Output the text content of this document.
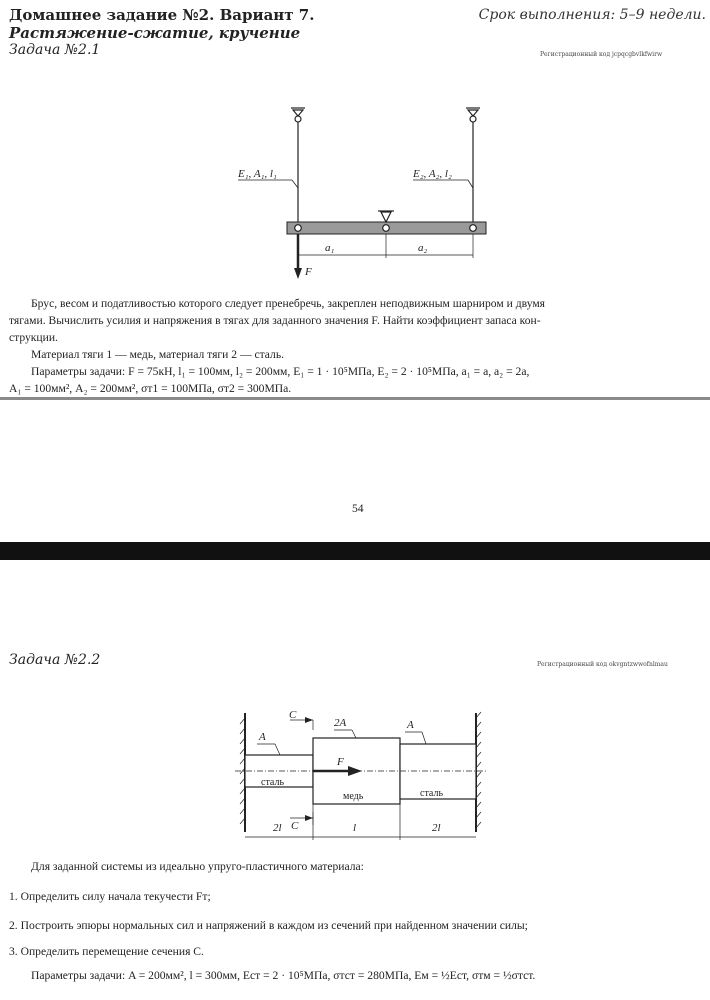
Домашнее задание №2. Вариант 7.
Растяжение-сжатие, кручение
Срок выполнения: 5–9 недели.
Задача №2.1	Регистрационный код jcpqcgbvlkfwirw
E₁, A₁, l₁	E₂, A₂, l₂
a₁	a₂
F
Брус, весом и податливостью которого следует пренебречь, закреплен неподвижным шарниром и двумя
тягами. Вычислить усилия и напряжения в тягах для заданного значения F. Найти коэффициент запаса кон-
струкции.
Материал тяги 1 — медь, материал тяги 2 — сталь.
Параметры задачи: F = 75кН, l₁ = 100мм, l₂ = 200мм, E₁ = 1 · 10⁵МПа, E₂ = 2 · 10⁵МПа, a₁ = a, a₂ = 2a,
A₁ = 100мм², A₂ = 200мм², σт1 = 100МПа, σт2 = 300МПа.
54
Задача №2.2	Регистрационный код okvgntzwwofnlmau
C
C
2A
A
A
F
сталь
медь	сталь
2l	l	2l
Для заданной системы из идеально упруго-пластичного материала:
1. Определить силу начала текучести Fт;
2. Построить эпюры нормальных сил и напряжений в каждом из сечений при найденном значении силы;
3. Определить перемещение сечения C.
Параметры задачи: A = 200мм², l = 300мм, Eст = 2 · 10⁵МПа, σтст = 280МПа, Eм = ½Eст, σтм = ½σтст.
